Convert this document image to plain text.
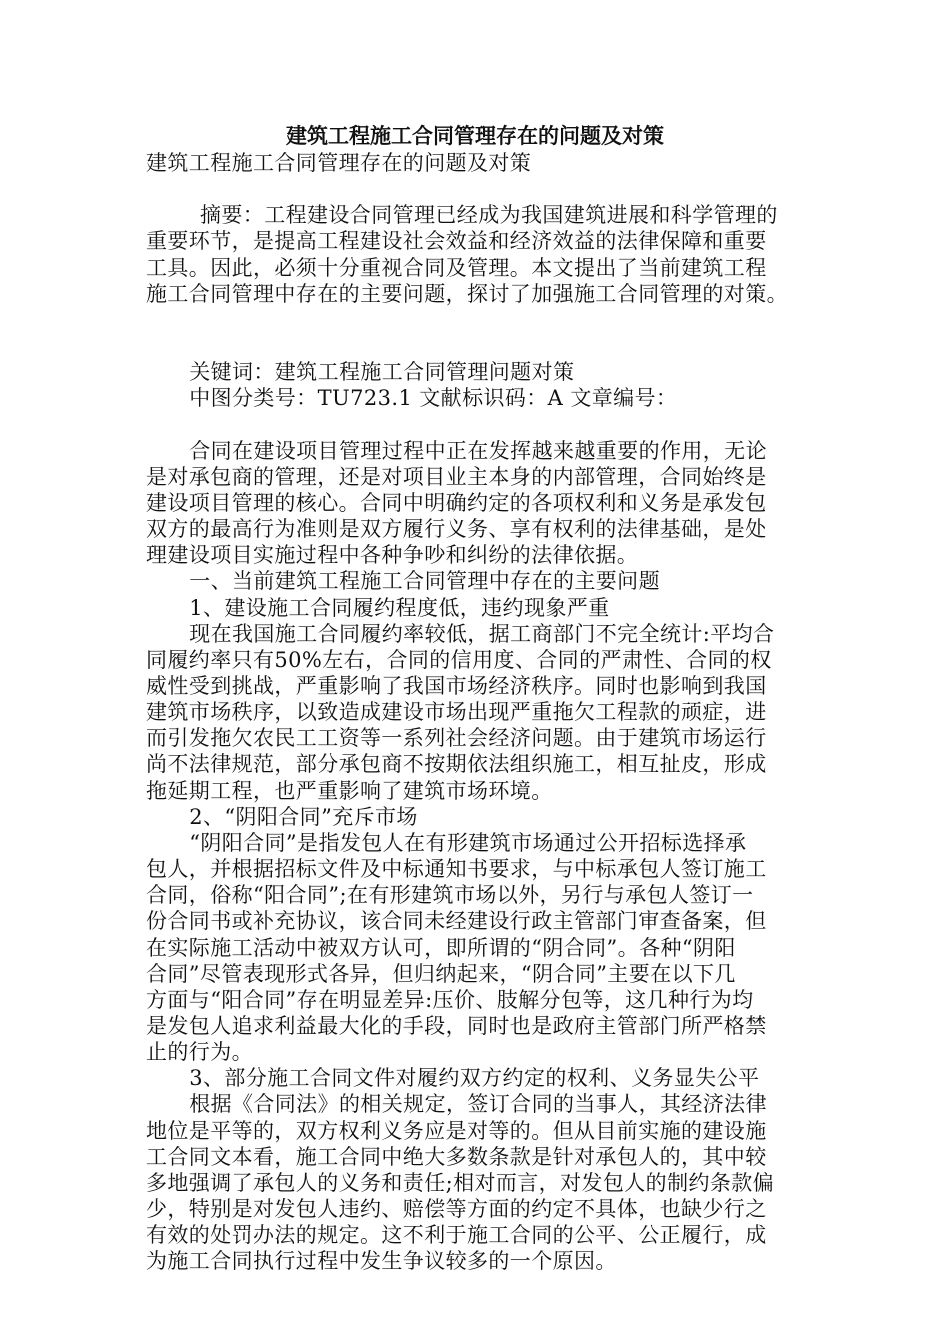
建筑工程施工合同管理存在的问题及对策
建筑工程施工合同管理存在的问题及对策
摘要：工程建设合同管理已经成为我国建筑进展和科学管理的
重要环节，是提高工程建设社会效益和经济效益的法律保障和重要
工具。因此，必须十分重视合同及管理。本文提出了当前建筑工程
施工合同管理中存在的主要问题，探讨了加强施工合同管理的对策。
关键词：建筑工程施工合同管理问题对策
中图分类号：TU723.1 文献标识码：A 文章编号：
合同在建设项目管理过程中正在发挥越来越重要的作用，无论
是对承包商的管理，还是对项目业主本身的内部管理，合同始终是
建设项目管理的核心。合同中明确约定的各项权利和义务是承发包
双方的最高行为准则是双方履行义务、享有权利的法律基础，是处
理建设项目实施过程中各种争吵和纠纷的法律依据。
一、当前建筑工程施工合同管理中存在的主要问题
1、建设施工合同履约程度低，违约现象严重
现在我国施工合同履约率较低，据工商部门不完全统计:平均合
同履约率只有50%左右，合同的信用度、合同的严肃性、合同的权
威性受到挑战，严重影响了我国市场经济秩序。同时也影响到我国
建筑市场秩序，以致造成建设市场出现严重拖欠工程款的顽症，进
而引发拖欠农民工工资等一系列社会经济问题。由于建筑市场运行
尚不法律规范，部分承包商不按期依法组织施工，相互扯皮，形成
拖延期工程，也严重影响了建筑市场环境。
2、“阴阳合同”充斥市场
“阴阳合同”是指发包人在有形建筑市场通过公开招标选择承
包人，并根据招标文件及中标通知书要求，与中标承包人签订施工
合同，俗称“阳合同”;在有形建筑市场以外，另行与承包人签订一
份合同书或补充协议，该合同未经建设行政主管部门审查备案，但
在实际施工活动中被双方认可，即所谓的“阴合同”。各种“阴阳
合同”尽管表现形式各异，但归纳起来，“阴合同”主要在以下几
方面与“阳合同”存在明显差异:压价、肢解分包等，这几种行为均
是发包人追求利益最大化的手段，同时也是政府主管部门所严格禁
止的行为。
3、部分施工合同文件对履约双方约定的权利、义务显失公平
根据《合同法》的相关规定，签订合同的当事人，其经济法律
地位是平等的，双方权利义务应是对等的。但从目前实施的建设施
工合同文本看，施工合同中绝大多数条款是针对承包人的，其中较
多地强调了承包人的义务和责任;相对而言，对发包人的制约条款偏
少，特别是对发包人违约、赔偿等方面的约定不具体，也缺少行之
有效的处罚办法的规定。这不利于施工合同的公平、公正履行，成
为施工合同执行过程中发生争议较多的一个原因。
